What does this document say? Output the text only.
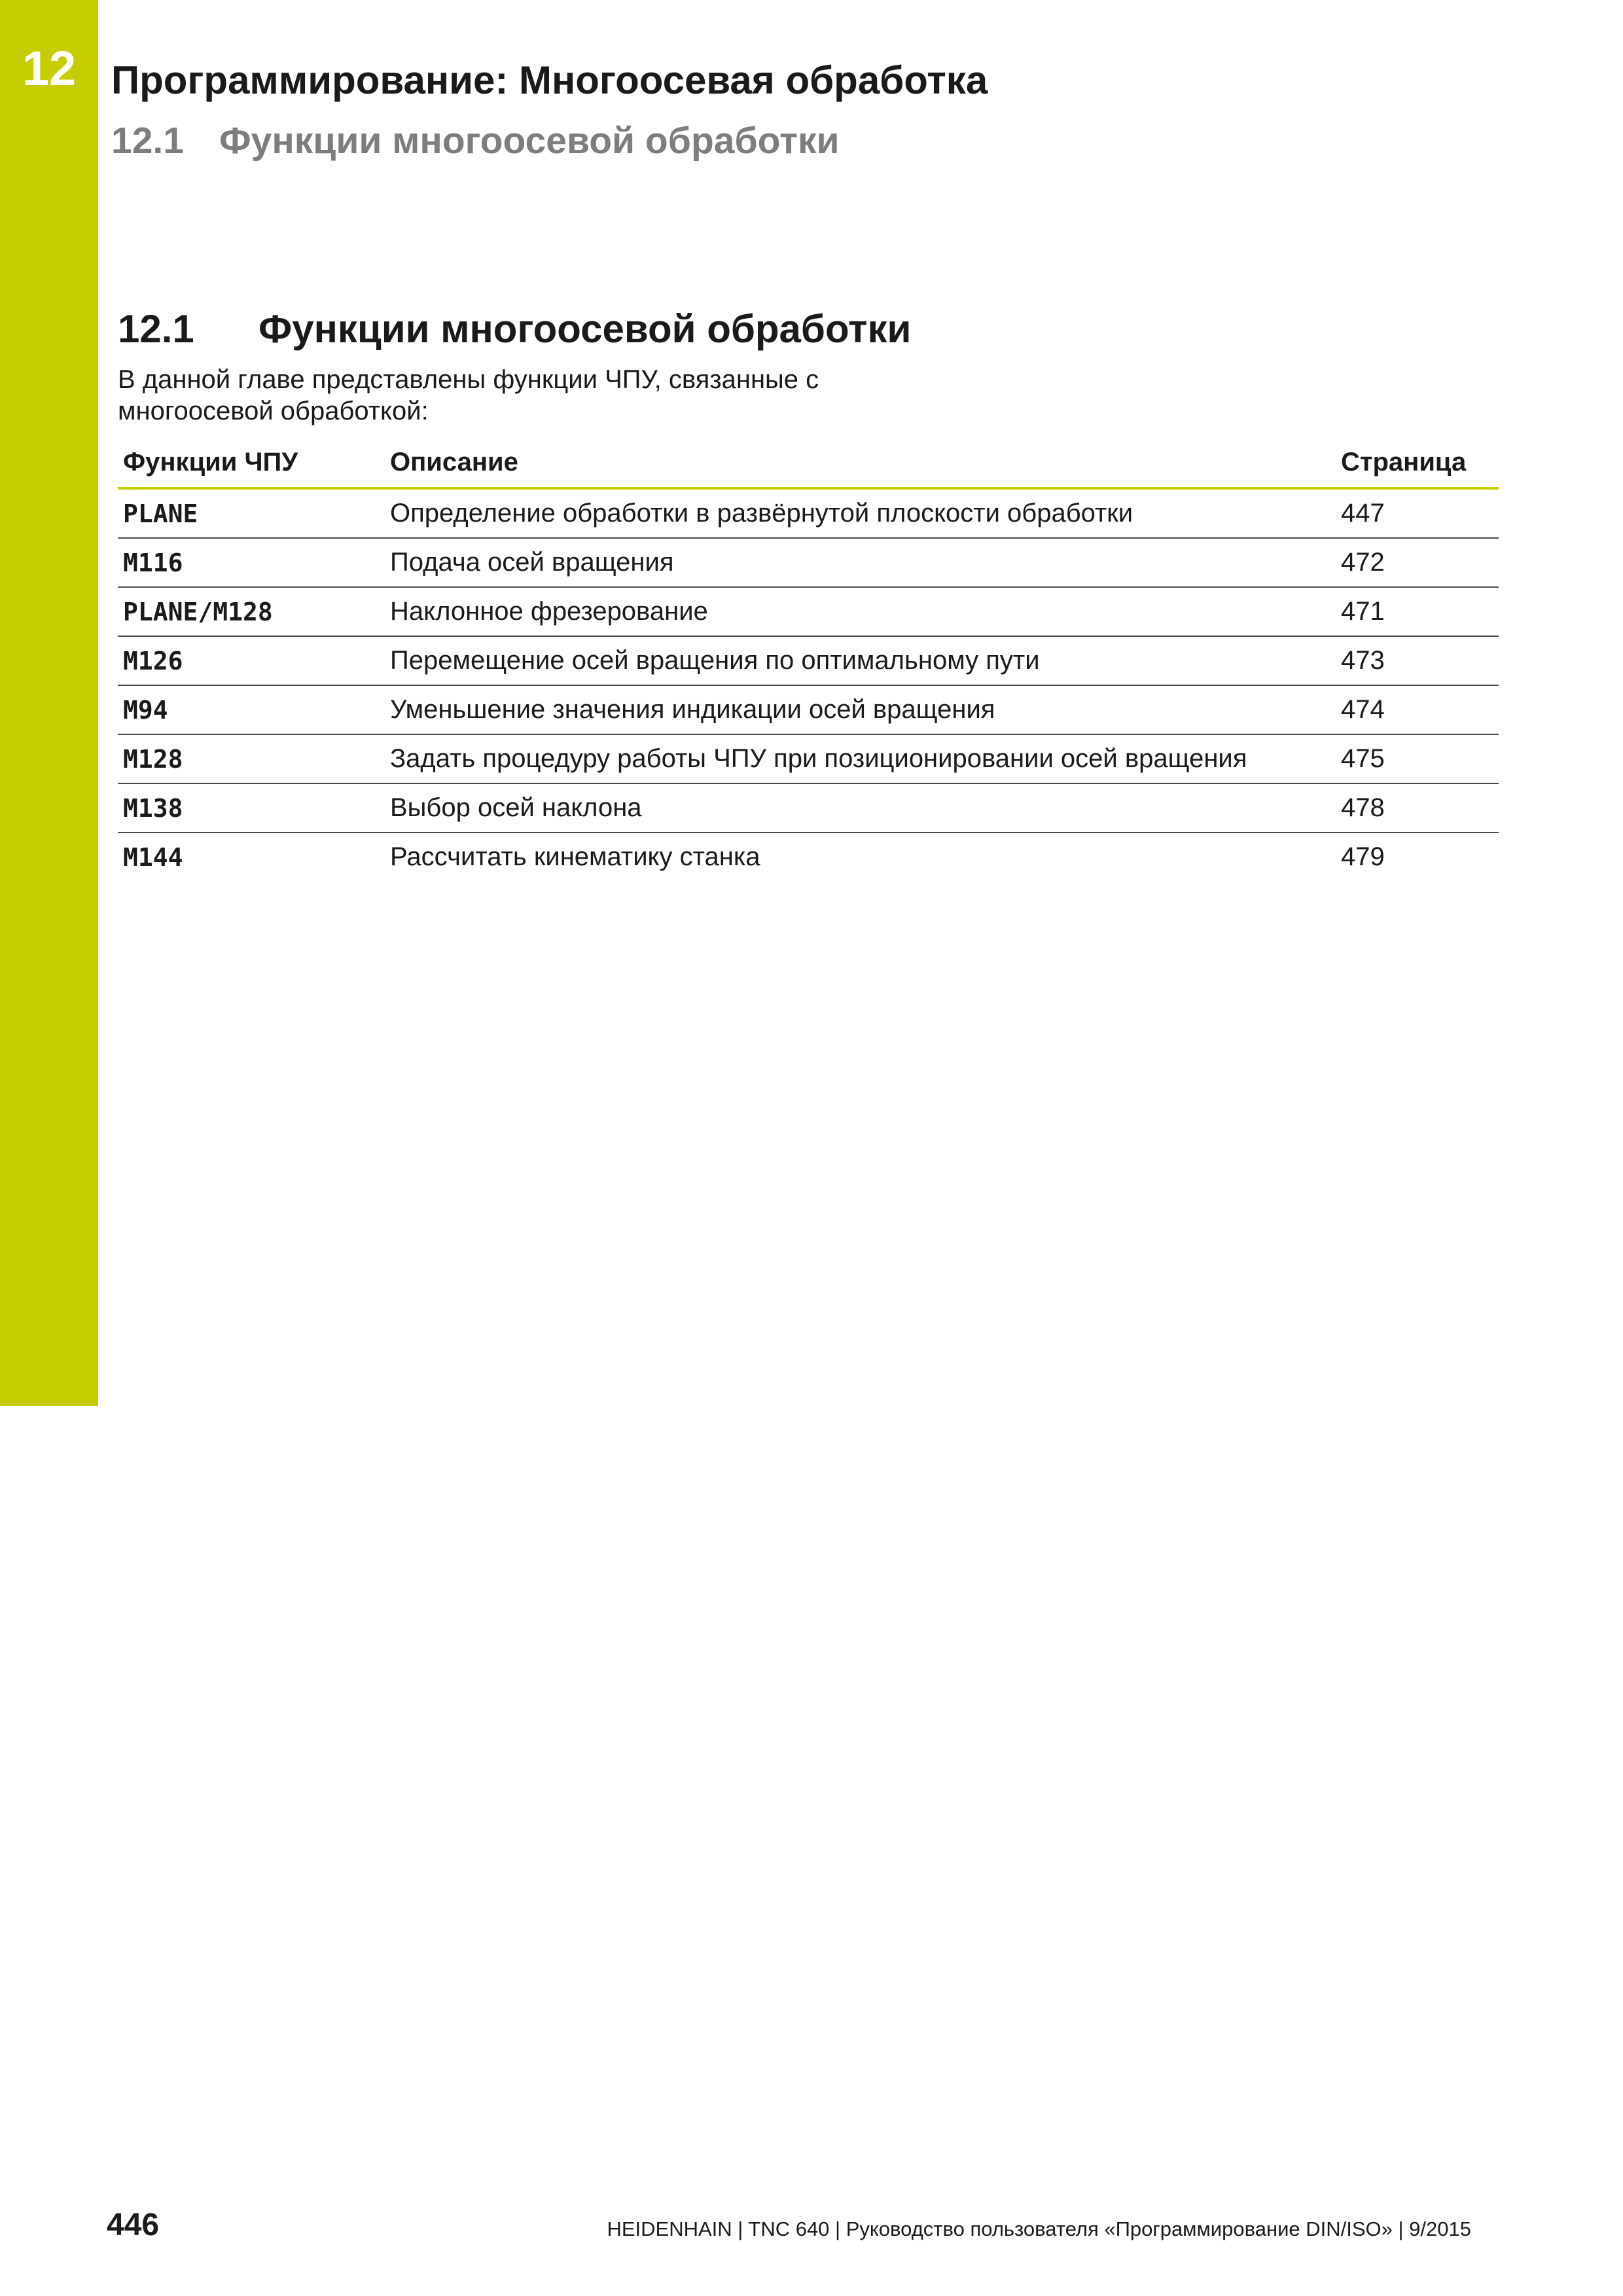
12 Программирование: Многоосевая обработка
12.1 Функции многоосевой обработки
12.1 Функции многоосевой обработки
В данной главе представлены функции ЧПУ, связанные с многоосевой обработкой:
Функции ЧПУ	Описание	Страница
PLANE	Определение обработки в развёрнутой плоскости обработки	447
M116	Подача осей вращения	472
PLANE/M128	Наклонное фрезерование	471
M126	Перемещение осей вращения по оптимальному пути	473
M94	Уменьшение значения индикации осей вращения	474
M128	Задать процедуру работы ЧПУ при позиционировании осей вращения	475
M138	Выбор осей наклона	478
M144	Рассчитать кинематику станка	479
446	HEIDENHAIN | TNC 640 | Руководство пользователя «Программирование DIN/ISO» | 9/2015
